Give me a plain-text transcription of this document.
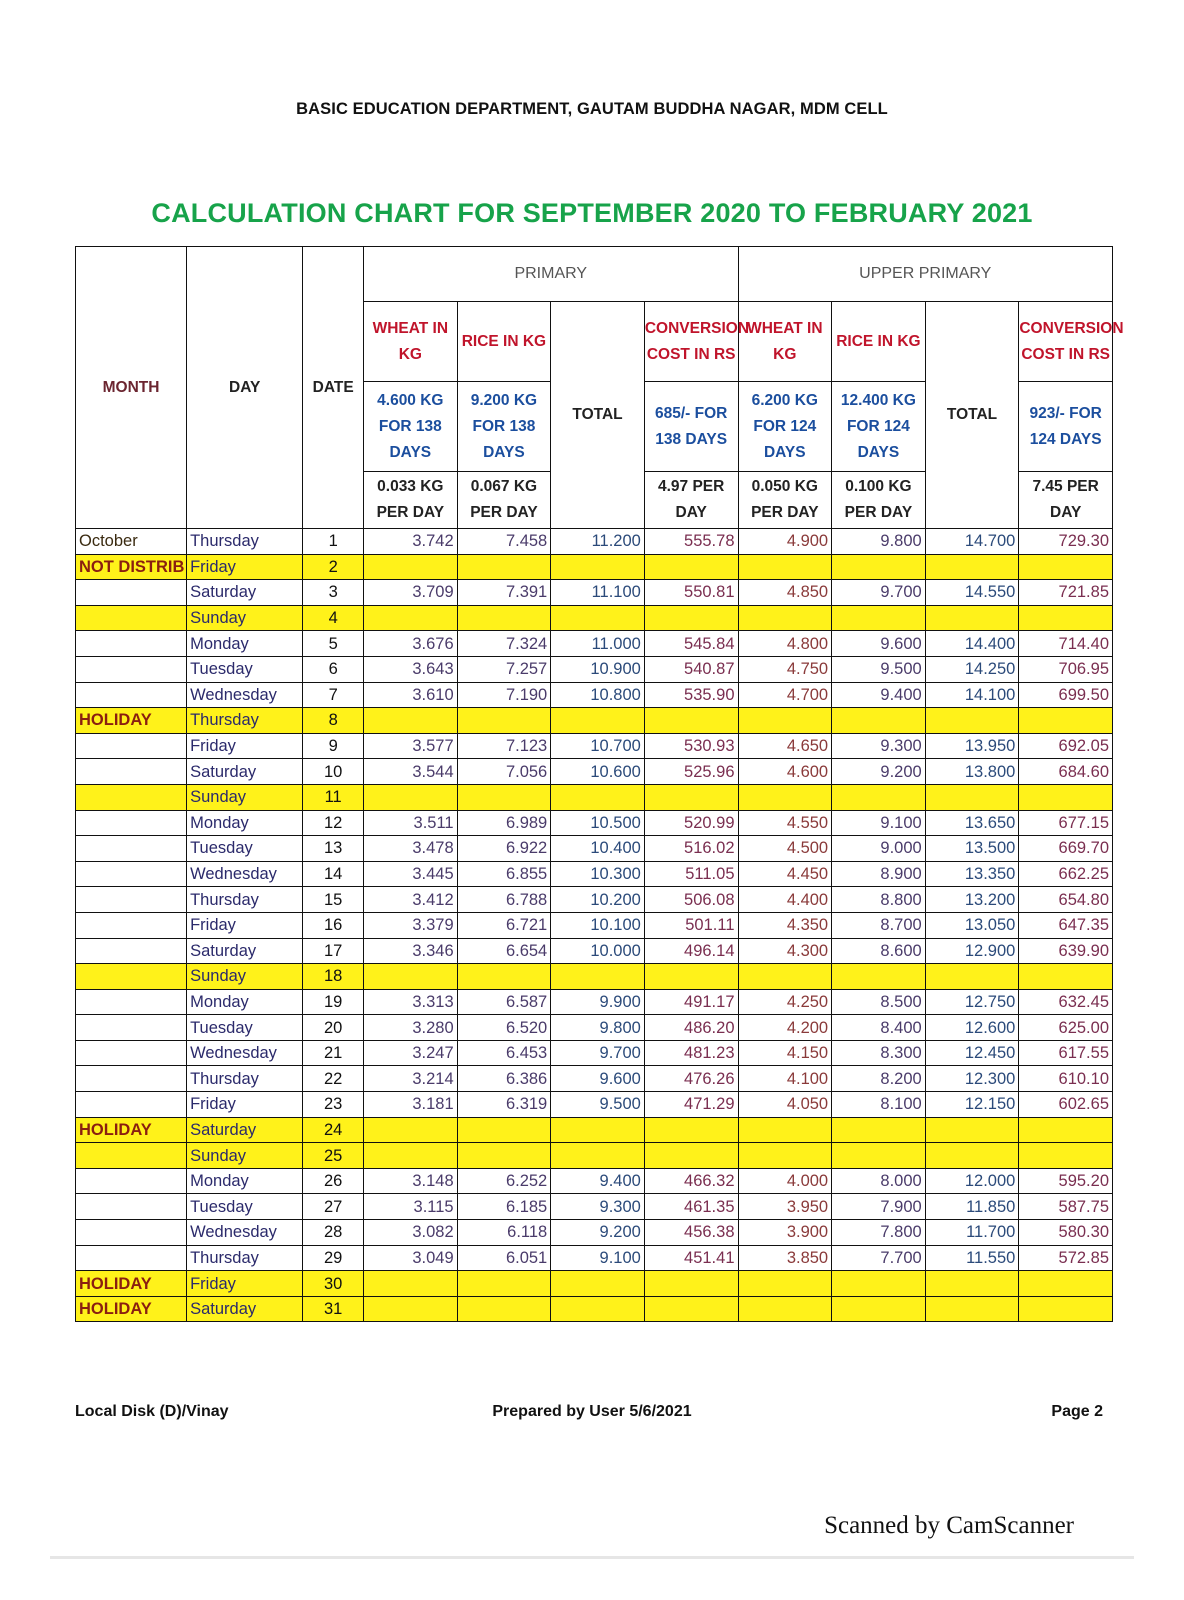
BASIC EDUCATION DEPARTMENT, GAUTAM BUDDHA NAGAR, MDM CELL
CALCULATION CHART FOR SEPTEMBER 2020 TO FEBRUARY 2021
MONTH	DAY	DATE	PRIMARY				UPPER PRIMARY			
			WHEAT IN KG	RICE IN KG	TOTAL	CONVERSION COST IN RS	WHEAT IN KG	RICE IN KG	TOTAL	CONVERSION COST IN RS
			4.600 KG FOR 138 DAYS	9.200 KG FOR 138 DAYS		685/- FOR 138 DAYS	6.200 KG FOR 124 DAYS	12.400 KG FOR 124 DAYS		923/- FOR 124 DAYS
			0.033 KG PER DAY	0.067 KG PER DAY		4.97 PER DAY	0.050 KG PER DAY	0.100 KG PER DAY		7.45 PER DAY
October	Thursday	1	3.742	7.458	11.200	555.78	4.900	9.800	14.700	729.30
NOT DISTRIB	Friday	2								
	Saturday	3	3.709	7.391	11.100	550.81	4.850	9.700	14.550	721.85
	Sunday	4								
	Monday	5	3.676	7.324	11.000	545.84	4.800	9.600	14.400	714.40
	Tuesday	6	3.643	7.257	10.900	540.87	4.750	9.500	14.250	706.95
	Wednesday	7	3.610	7.190	10.800	535.90	4.700	9.400	14.100	699.50
HOLIDAY	Thursday	8								
	Friday	9	3.577	7.123	10.700	530.93	4.650	9.300	13.950	692.05
	Saturday	10	3.544	7.056	10.600	525.96	4.600	9.200	13.800	684.60
	Sunday	11								
	Monday	12	3.511	6.989	10.500	520.99	4.550	9.100	13.650	677.15
	Tuesday	13	3.478	6.922	10.400	516.02	4.500	9.000	13.500	669.70
	Wednesday	14	3.445	6.855	10.300	511.05	4.450	8.900	13.350	662.25
	Thursday	15	3.412	6.788	10.200	506.08	4.400	8.800	13.200	654.80
	Friday	16	3.379	6.721	10.100	501.11	4.350	8.700	13.050	647.35
	Saturday	17	3.346	6.654	10.000	496.14	4.300	8.600	12.900	639.90
	Sunday	18								
	Monday	19	3.313	6.587	9.900	491.17	4.250	8.500	12.750	632.45
	Tuesday	20	3.280	6.520	9.800	486.20	4.200	8.400	12.600	625.00
	Wednesday	21	3.247	6.453	9.700	481.23	4.150	8.300	12.450	617.55
	Thursday	22	3.214	6.386	9.600	476.26	4.100	8.200	12.300	610.10
	Friday	23	3.181	6.319	9.500	471.29	4.050	8.100	12.150	602.65
HOLIDAY	Saturday	24								
	Sunday	25								
	Monday	26	3.148	6.252	9.400	466.32	4.000	8.000	12.000	595.20
	Tuesday	27	3.115	6.185	9.300	461.35	3.950	7.900	11.850	587.75
	Wednesday	28	3.082	6.118	9.200	456.38	3.900	7.800	11.700	580.30
	Thursday	29	3.049	6.051	9.100	451.41	3.850	7.700	11.550	572.85
HOLIDAY	Friday	30								
HOLIDAY	Saturday	31								
Local Disk (D)/Vinay	Prepared by User 5/6/2021	Page 2
Scanned by CamScanner
